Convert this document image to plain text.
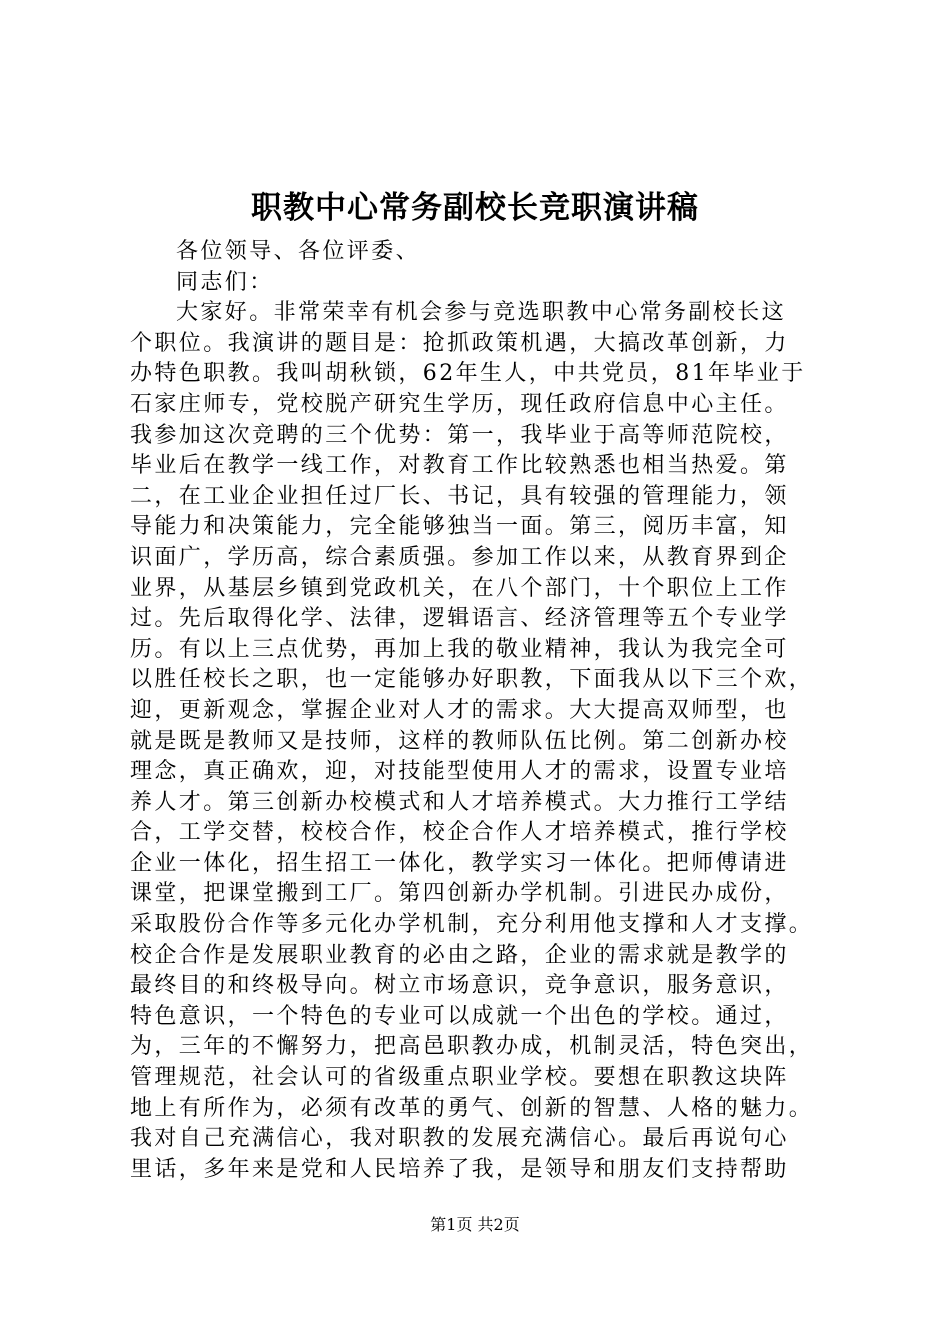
职教中心常务副校长竞职演讲稿
各位领导、各位评委、
同志们：
大家好。非常荣幸有机会参与竞选职教中心常务副校长这
个职位。我演讲的题目是：抢抓政策机遇，大搞改革创新，力
办特色职教。我叫胡秋锁，62年生人，中共党员，81年毕业于
石家庄师专，党校脱产研究生学历，现任政府信息中心主任。
我参加这次竞聘的三个优势：第一，我毕业于高等师范院校，
毕业后在教学一线工作，对教育工作比较熟悉也相当热爱。第
二，在工业企业担任过厂长、书记，具有较强的管理能力，领
导能力和决策能力，完全能够独当一面。第三，阅历丰富，知
识面广，学历高，综合素质强。参加工作以来，从教育界到企
业界，从基层乡镇到党政机关，在八个部门，十个职位上工作
过。先后取得化学、法律，逻辑语言、经济管理等五个专业学
历。有以上三点优势，再加上我的敬业精神，我认为我完全可
以胜任校长之职，也一定能够办好职教，下面我从以下三个欢，
迎，更新观念，掌握企业对人才的需求。大大提高双师型，也
就是既是教师又是技师，这样的教师队伍比例。第二创新办校
理念，真正确欢，迎，对技能型使用人才的需求，设置专业培
养人才。第三创新办校模式和人才培养模式。大力推行工学结
合，工学交替，校校合作，校企合作人才培养模式，推行学校
企业一体化，招生招工一体化，教学实习一体化。把师傅请进
课堂，把课堂搬到工厂。第四创新办学机制。引进民办成份，
采取股份合作等多元化办学机制，充分利用他支撑和人才支撑。
校企合作是发展职业教育的必由之路，企业的需求就是教学的
最终目的和终极导向。树立市场意识，竞争意识，服务意识，
特色意识，一个特色的专业可以成就一个出色的学校。通过，
为，三年的不懈努力，把高邑职教办成，机制灵活，特色突出，
管理规范，社会认可的省级重点职业学校。要想在职教这块阵
地上有所作为，必须有改革的勇气、创新的智慧、人格的魅力。
我对自己充满信心，我对职教的发展充满信心。最后再说句心
里话，多年来是党和人民培养了我，是领导和朋友们支持帮助
第1页 共2页
